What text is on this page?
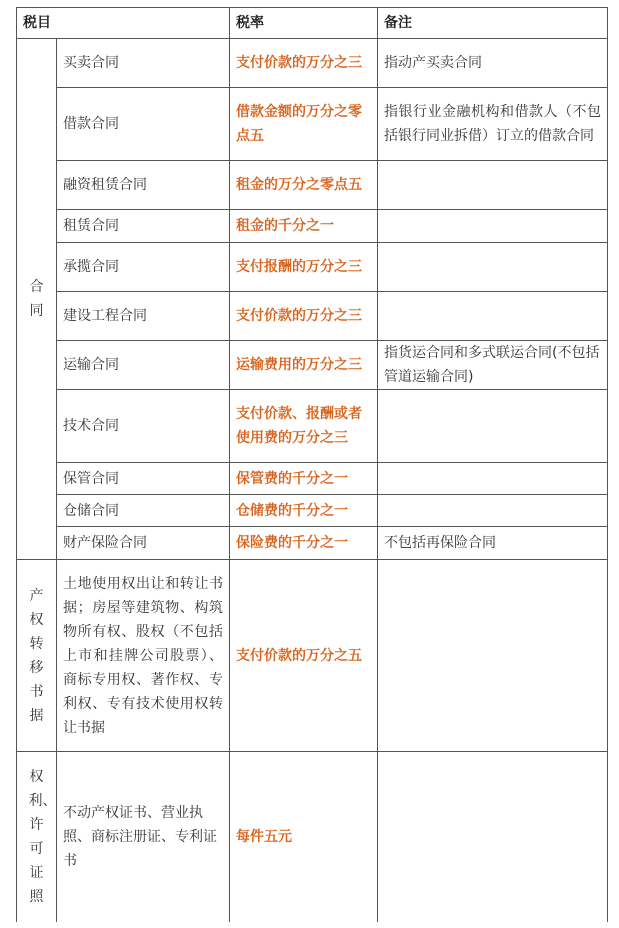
税目		税率	备注

合同	买卖合同	支付价款的万分之三	指动产买卖合同
	借款合同	借款金额的万分之零点五	指银行业金融机构和借款人（不包括银行同业拆借）订立的借款合同
	融资租赁合同	租金的万分之零点五	
	租赁合同	租金的千分之一	
	承揽合同	支付报酬的万分之三	
	建设工程合同	支付价款的万分之三	
	运输合同	运输费用的万分之三	指货运合同和多式联运合同(不包括管道运输合同)
	技术合同	支付价款、报酬或者使用费的万分之三	
	保管合同	保管费的千分之一	
	仓储合同	仓储费的千分之一	
	财产保险合同	保险费的千分之一	不包括再保险合同

产权转移书据	土地使用权出让和转让书据；房屋等建筑物、构筑物所有权、股权（不包括上市和挂牌公司股票）、商标专用权、著作权、专利权、专有技术使用权转让书据	支付价款的万分之五	

权利、许可证照	不动产权证书、营业执照、商标注册证、专利证书	每件五元	
